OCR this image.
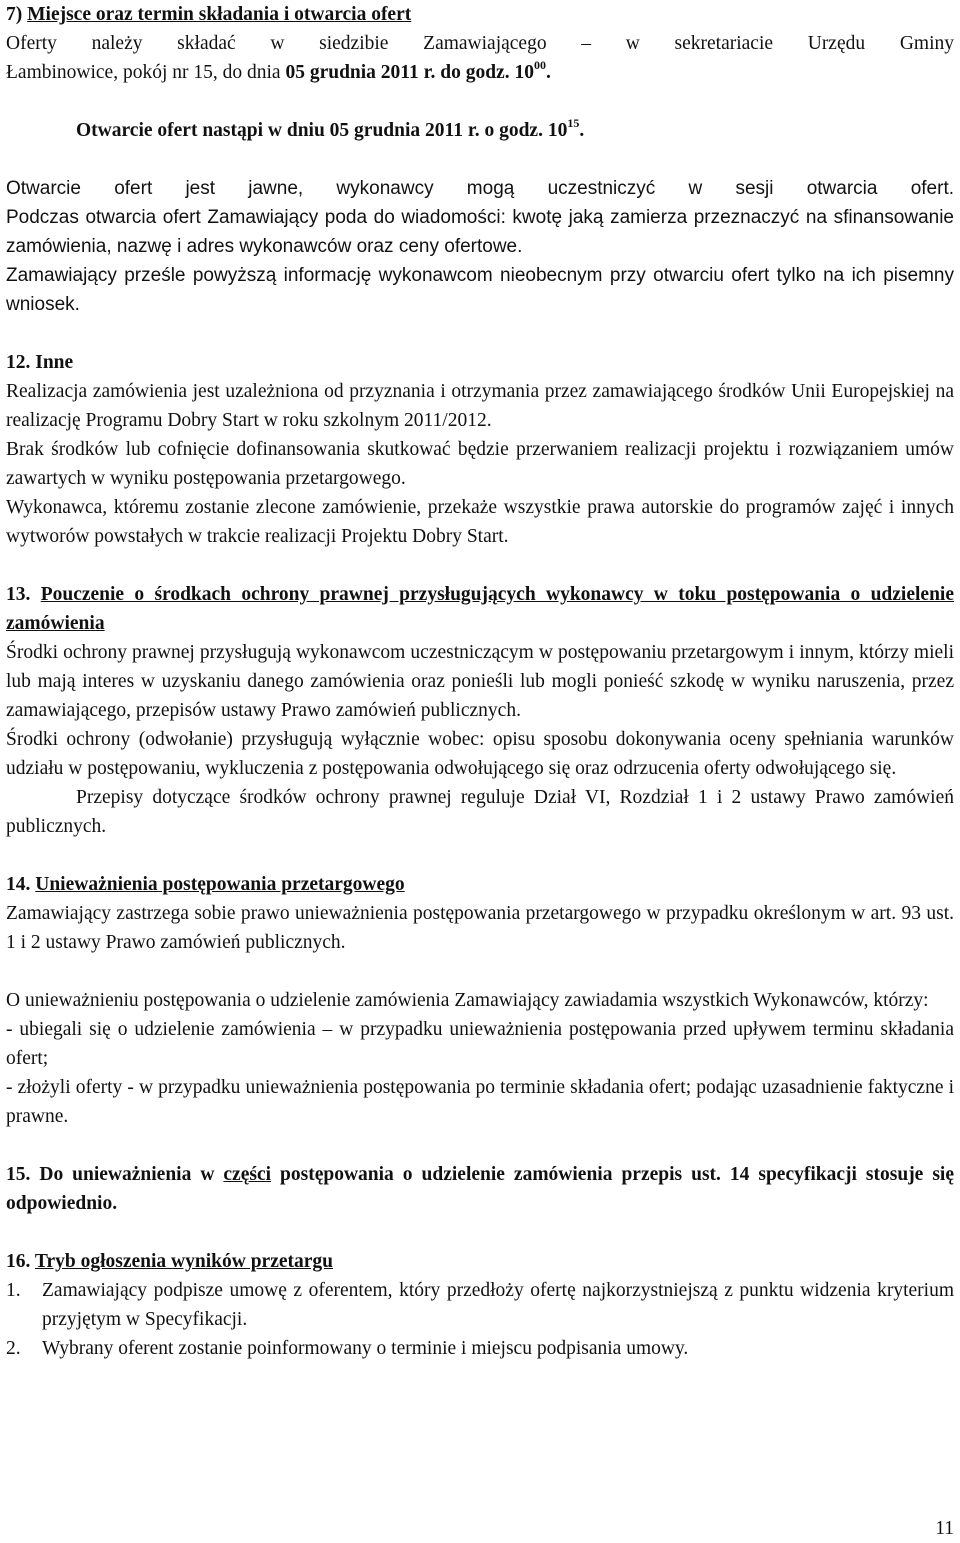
7) Miejsce oraz termin składania i otwarcia ofert

Oferty należy składać w siedzibie Zamawiającego – w sekretariacie Urzędu Gminy

Łambinowice, pokój nr 15, do dnia 05 grudnia 2011 r. do godz. $10^{00}$.

Otwarcie ofert nastąpi w dniu 05 grudnia 2011 r. o godz. $10^{15}$.

Otwarcie ofert jest jawne, wykonawcy mogą uczestniczyć w sesji otwarcia ofert.

Podczas otwarcia ofert Zamawiający poda do wiadomości: kwotę jaką zamierza przeznaczyć na sfinansowanie zamówienia, nazwę i adres wykonawców oraz ceny ofertowe.

Zamawiający prześle powyższą informację wykonawcom nieobecnym przy otwarciu ofert tylko na ich pisemny wniosek.

12. Inne

Realizacja zamówienia jest uzależniona od przyznania i otrzymania przez zamawiającego środków Unii Europejskiej na realizację Programu Dobry Start w roku szkolnym 2011/2012.

Brak środków lub cofnięcie dofinansowania skutkować będzie przerwaniem realizacji projektu i rozwiązaniem umów zawartych w wyniku postępowania przetargowego.

Wykonawca, któremu zostanie zlecone zamówienie, przekaże wszystkie prawa autorskie do programów zajęć i innych wytworów powstałych w trakcie realizacji Projektu Dobry Start.

13. Pouczenie o środkach ochrony prawnej przysługujących wykonawcy w toku postępowania o udzielenie zamówienia

Środki ochrony prawnej przysługują wykonawcom uczestniczącym w postępowaniu przetargowym i innym, którzy mieli lub mają interes w uzyskaniu danego zamówienia oraz ponieśli lub mogli ponieść szkodę w wyniku naruszenia, przez zamawiającego, przepisów ustawy Prawo zamówień publicznych.

Środki ochrony (odwołanie) przysługują wyłącznie wobec: opisu sposobu dokonywania oceny spełniania warunków udziału w postępowaniu, wykluczenia z postępowania odwołującego się oraz odrzucenia oferty odwołującego się.

Przepisy dotyczące środków ochrony prawnej reguluje Dział VI, Rozdział 1 i 2 ustawy Prawo zamówień publicznych.

14. Unieważnienia postępowania przetargowego

Zamawiający zastrzega sobie prawo unieważnienia postępowania przetargowego w przypadku określonym w art. 93 ust. 1 i 2 ustawy Prawo zamówień publicznych.

O unieważnieniu postępowania o udzielenie zamówienia Zamawiający zawiadamia wszystkich Wykonawców, którzy:

- ubiegali się o udzielenie zamówienia – w przypadku unieważnienia postępowania przed upływem terminu składania ofert;

- złożyli oferty - w przypadku unieważnienia postępowania po terminie składania ofert; podając uzasadnienie faktyczne i prawne.

15. Do unieważnienia w części postępowania o udzielenie zamówienia przepis ust. 14 specyfikacji stosuje się odpowiednio.

16. Tryb ogłoszenia wyników przetargu

1.	Zamawiający podpisze umowę z oferentem, który przedłoży ofertę najkorzystniejszą z punktu widzenia kryterium przyjętym w Specyfikacji.
2.	Wybrany oferent zostanie poinformowany o terminie i miejscu podpisania umowy.
11
